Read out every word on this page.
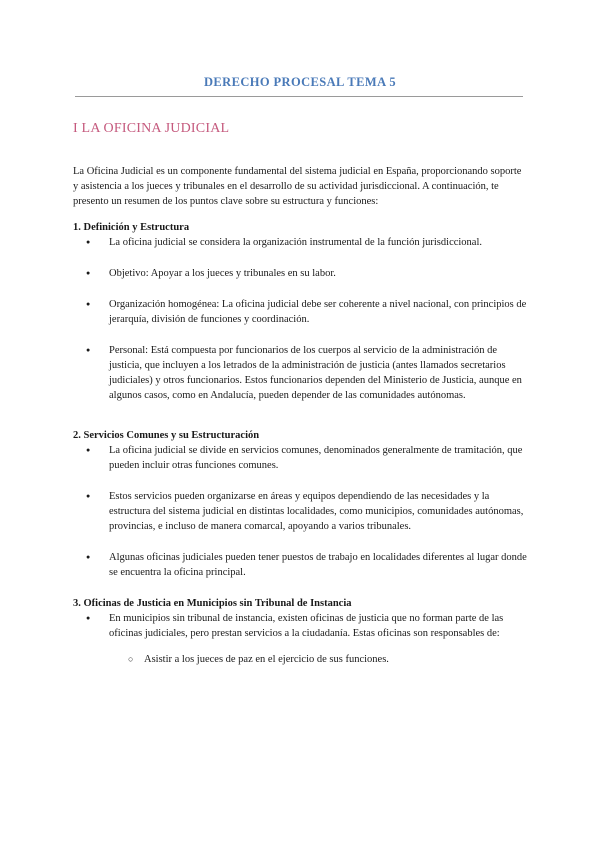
DERECHO PROCESAL TEMA 5
I LA OFICINA JUDICIAL

La Oficina Judicial es un componente fundamental del sistema judicial en España, proporcionando soporte y asistencia a los jueces y tribunales en el desarrollo de su actividad jurisdiccional. A continuación, te presento un resumen de los puntos clave sobre su estructura y funciones:

1. Definición y Estructura

● La oficina judicial se considera la organización instrumental de la función jurisdiccional.
● Objetivo: Apoyar a los jueces y tribunales en su labor.
● Organización homogénea: La oficina judicial debe ser coherente a nivel nacional, con principios de jerarquía, división de funciones y coordinación.
● Personal: Está compuesta por funcionarios de los cuerpos al servicio de la administración de justicia, que incluyen a los letrados de la administración de justicia (antes llamados secretarios judiciales) y otros funcionarios. Estos funcionarios dependen del Ministerio de Justicia, aunque en algunos casos, como en Andalucía, pueden depender de las comunidades autónomas.

2. Servicios Comunes y su Estructuración

● La oficina judicial se divide en servicios comunes, denominados generalmente de tramitación, que pueden incluir otras funciones comunes.
● Estos servicios pueden organizarse en áreas y equipos dependiendo de las necesidades y la estructura del sistema judicial en distintas localidades, como municipios, comunidades autónomas, provincias, e incluso de manera comarcal, apoyando a varios tribunales.
● Algunas oficinas judiciales pueden tener puestos de trabajo en localidades diferentes al lugar donde se encuentra la oficina principal.

3. Oficinas de Justicia en Municipios sin Tribunal de Instancia

● En municipios sin tribunal de instancia, existen oficinas de justicia que no forman parte de las oficinas judiciales, pero prestan servicios a la ciudadanía. Estas oficinas son responsables de:
○ Asistir a los jueces de paz en el ejercicio de sus funciones.
